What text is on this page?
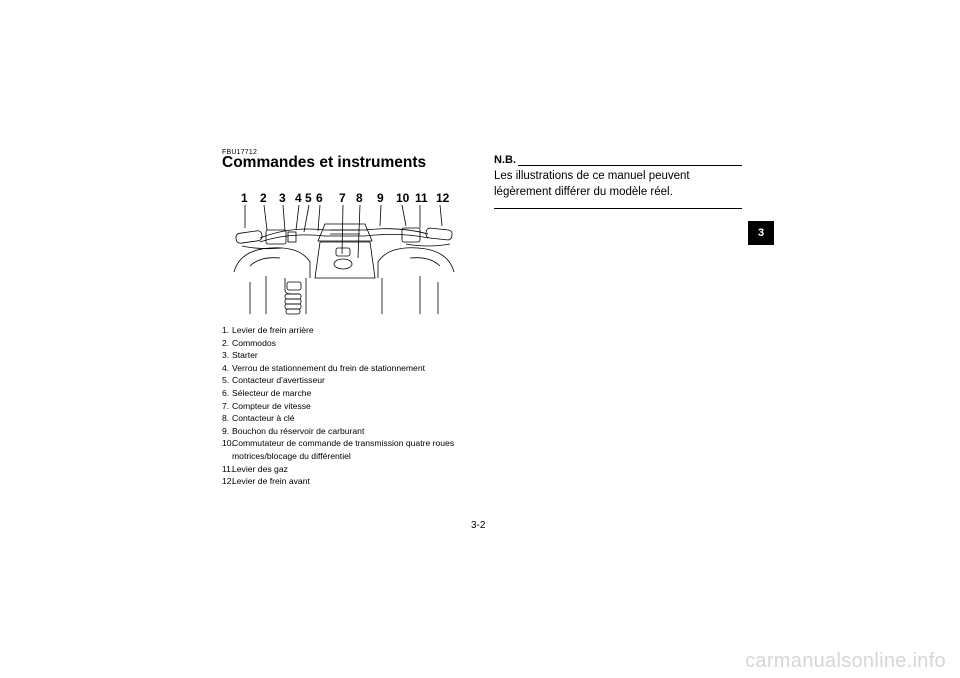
FBU17712
Commandes et instruments
1 2 3 4 5 6 7 8 9 10 11 12
1. Levier de frein arrière
2. Commodos
3. Starter
4. Verrou de stationnement du frein de stationnement
5. Contacteur d'avertisseur
6. Sélecteur de marche
7. Compteur de vitesse
8. Contacteur à clé
9. Bouchon du réservoir de carburant
10.
Commutateur de commande de transmission quatre roues motrices/blocage du différentiel
11.
Levier des gaz
12.
Levier de frein avant
N.B.
Les illustrations de ce manuel peuvent légèrement différer du modèle réel.
3
3-2
carmanualsonline.info
